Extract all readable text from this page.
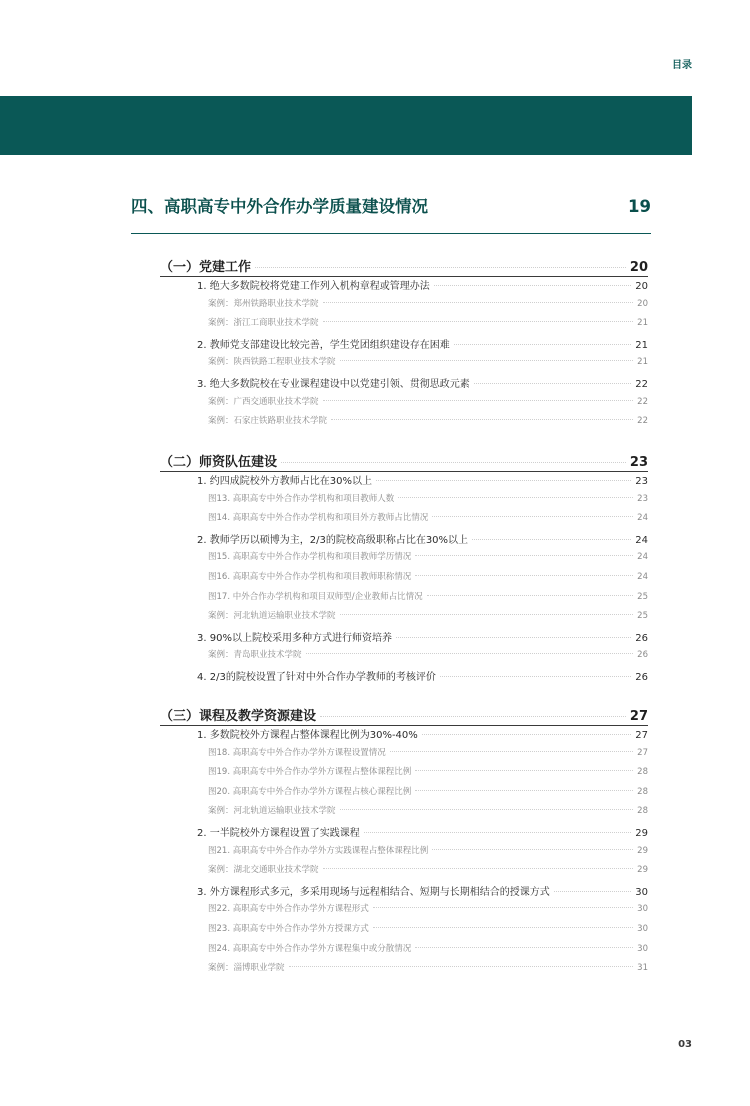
目录
四、高职高专中外合作办学质量建设情况	19
（一）党建工作	20
1. 绝大多数院校将党建工作列入机构章程或管理办法	20
案例：郑州铁路职业技术学院	20
案例：浙江工商职业技术学院	21
2. 教师党支部建设比较完善，学生党团组织建设存在困难	21
案例：陕西铁路工程职业技术学院	21
3. 绝大多数院校在专业课程建设中以党建引领、贯彻思政元素	22
案例：广西交通职业技术学院	22
案例：石家庄铁路职业技术学院	22
（二）师资队伍建设	23
1. 约四成院校外方教师占比在30%以上	23
图13. 高职高专中外合作办学机构和项目教师人数	23
图14. 高职高专中外合作办学机构和项目外方教师占比情况	24
2. 教师学历以硕博为主，2/3的院校高级职称占比在30%以上	24
图15. 高职高专中外合作办学机构和项目教师学历情况	24
图16. 高职高专中外合作办学机构和项目教师职称情况	24
图17. 中外合作办学机构和项目双师型/企业教师占比情况	25
案例：河北轨道运输职业技术学院	25
3. 90%以上院校采用多种方式进行师资培养	26
案例：青岛职业技术学院	26
4. 2/3的院校设置了针对中外合作办学教师的考核评价	26
（三）课程及教学资源建设	27
1. 多数院校外方课程占整体课程比例为30%-40%	27
图18. 高职高专中外合作办学外方课程设置情况	27
图19. 高职高专中外合作办学外方课程占整体课程比例	28
图20. 高职高专中外合作办学外方课程占核心课程比例	28
案例：河北轨道运输职业技术学院	28
2. 一半院校外方课程设置了实践课程	29
图21. 高职高专中外合作办学外方实践课程占整体课程比例	29
案例：湖北交通职业技术学院	29
3. 外方课程形式多元，多采用现场与远程相结合、短期与长期相结合的授课方式	30
图22. 高职高专中外合作办学外方课程形式	30
图23. 高职高专中外合作办学外方授课方式	30
图24. 高职高专中外合作办学外方课程集中或分散情况	30
案例：淄博职业学院	31
03
